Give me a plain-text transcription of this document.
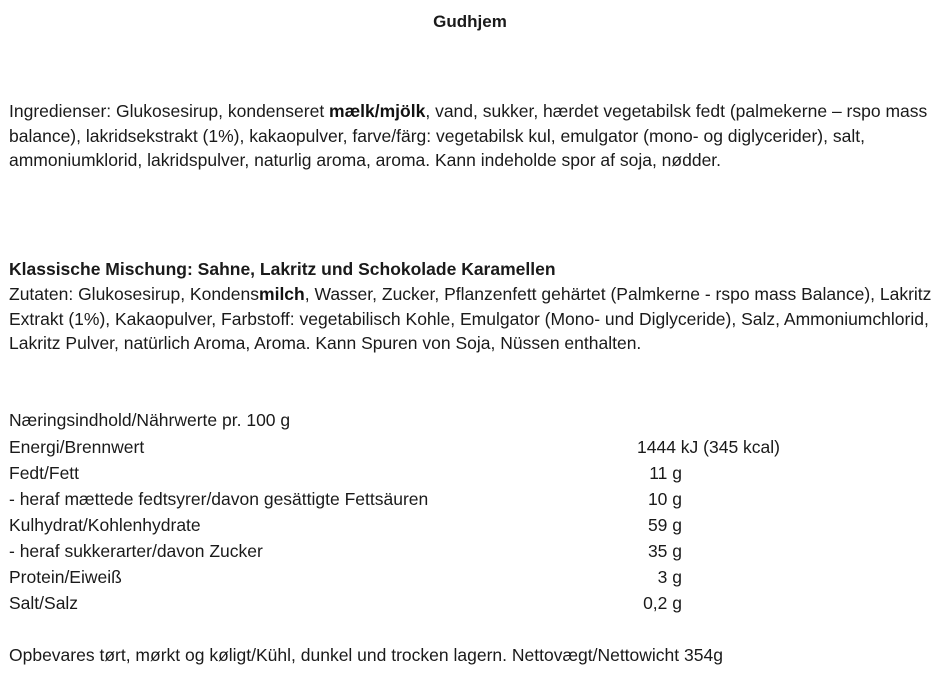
Gudhjem
Ingredienser: Glukosesirup, kondenseret mælk/mjölk, vand, sukker, hærdet vegetabilsk fedt (palmekerne – rspo mass balance), lakridsekstrakt (1%), kakaopulver, farve/färg: vegetabilsk kul, emulgator (mono- og diglycerider), salt, ammoniumklorid, lakridspulver, naturlig aroma, aroma. Kann indeholde spor af soja, nødder.
Klassische Mischung: Sahne, Lakritz und Schokolade Karamellen
Zutaten: Glukosesirup, Kondensmilch, Wasser, Zucker, Pflanzenfett gehärtet (Palmkerne - rspo mass Balance), Lakritz Extrakt (1%), Kakaopulver, Farbstoff: vegetabilisch Kohle, Emulgator (Mono- und Diglyceride), Salz, Ammoniumchlorid, Lakritz Pulver, natürlich Aroma, Aroma. Kann Spuren von Soja, Nüssen enthalten.
Næringsindhold/Nährwerte pr. 100 g
Energi/Brennwert	1444 kJ (345 kcal)
Fedt/Fett	11 g
- heraf mættede fedtsyrer/davon gesättigte Fettsäuren	10 g
Kulhydrat/Kohlenhydrate	59 g
- heraf sukkerarter/davon Zucker	35 g
Protein/Eiweiß	3 g
Salt/Salz	0,2 g
Opbevares tørt, mørkt og køligt/Kühl, dunkel und trocken lagern. Nettovægt/Nettowicht 354g
